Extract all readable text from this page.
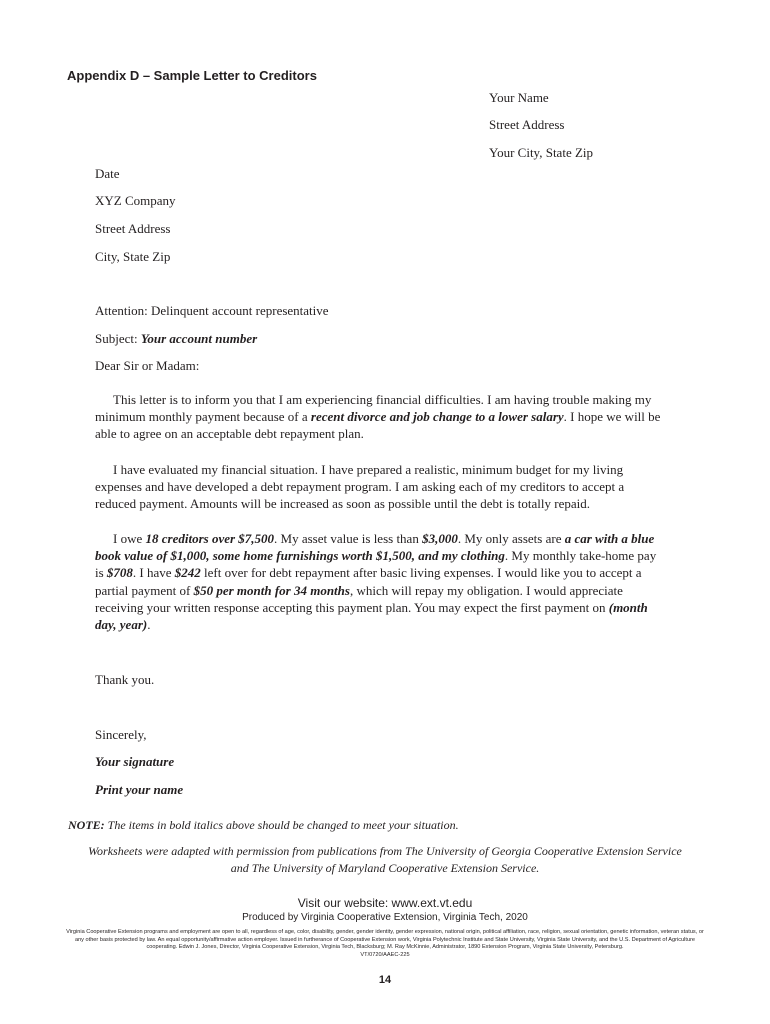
Appendix D – Sample Letter to Creditors
Your Name
Street Address
Your City, State Zip
Date
XYZ Company
Street Address
City, State Zip
Attention: Delinquent account representative
Subject: Your account number
Dear Sir or Madam:
This letter is to inform you that I am experiencing financial difficulties. I am having trouble making my minimum monthly payment because of a recent divorce and job change to a lower salary. I hope we will be able to agree on an acceptable debt repayment plan.
I have evaluated my financial situation. I have prepared a realistic, minimum budget for my living expenses and have developed a debt repayment program. I am asking each of my creditors to accept a reduced payment. Amounts will be increased as soon as possible until the debt is totally repaid.
I owe 18 creditors over $7,500. My asset value is less than $3,000. My only assets are a car with a blue book value of $1,000, some home furnishings worth $1,500, and my clothing. My monthly take-home pay is $708. I have $242 left over for debt repayment after basic living expenses. I would like you to accept a partial payment of $50 per month for 34 months, which will repay my obligation. I would appreciate receiving your written response accepting this payment plan. You may expect the first payment on (month day, year).
Thank you.
Sincerely,
Your signature
Print your name
NOTE: The items in bold italics above should be changed to meet your situation.
Worksheets were adapted with permission from publications from The University of Georgia Cooperative Extension Service
and The University of Maryland Cooperative Extension Service.
Visit our website: www.ext.vt.edu
Produced by Virginia Cooperative Extension, Virginia Tech, 2020
Virginia Cooperative Extension programs and employment are open to all, regardless of age, color, disability, gender, gender identity, gender expression, national origin, political affiliation, race, religion, sexual orientation, genetic information, veteran status, or any other basis protected by law. An equal opportunity/affirmative action employer. Issued in furtherance of Cooperative Extension work, Virginia Polytechnic Institute and State University, Virginia State University, and the U.S. Department of Agriculture cooperating. Edwin J. Jones, Director, Virginia Cooperative Extension, Virginia Tech, Blacksburg; M. Ray McKinnie, Administrator, 1890 Extension Program, Virginia State University, Petersburg.
VT/0720/AAEC-225
14
